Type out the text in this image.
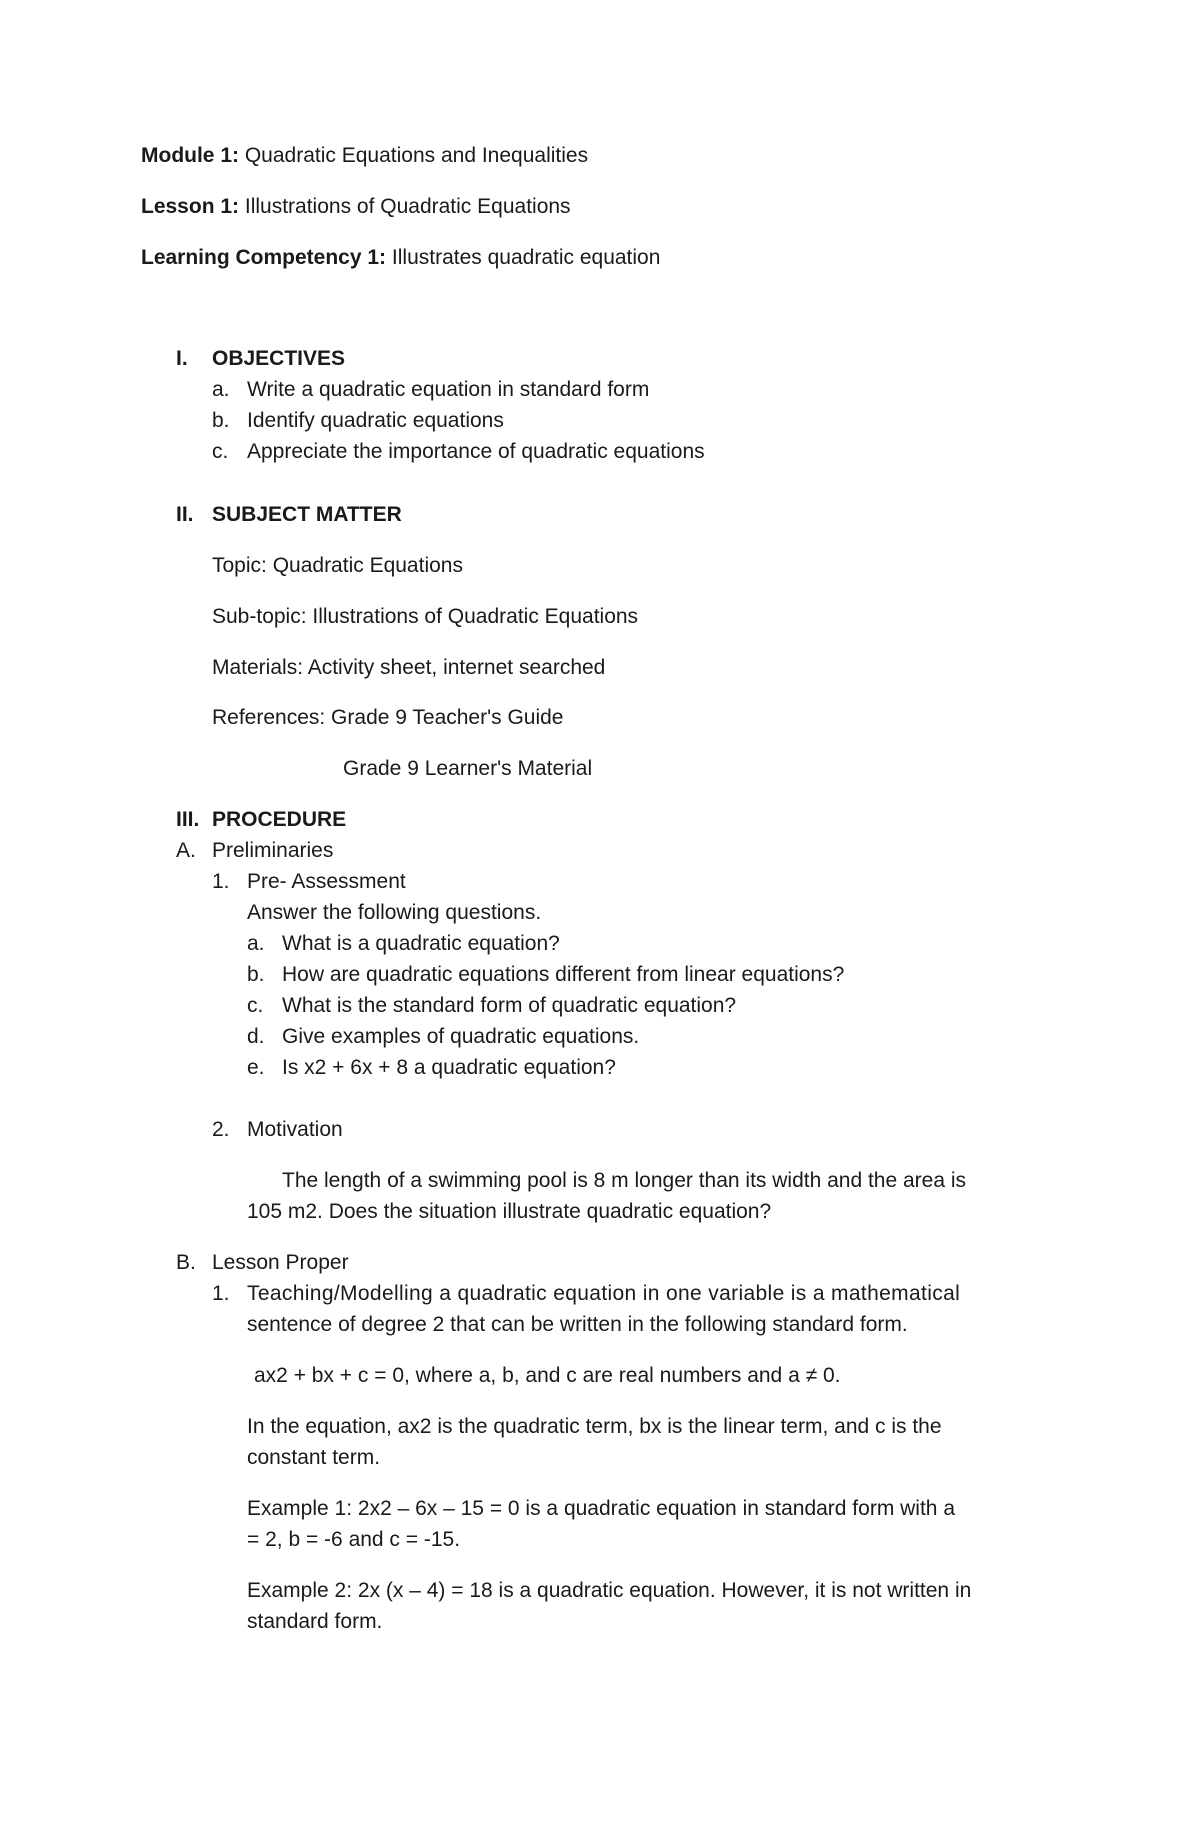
Module 1: Quadratic Equations and Inequalities

Lesson 1: Illustrations of Quadratic Equations

Learning Competency 1: Illustrates quadratic equation

I. OBJECTIVES
a. Write a quadratic equation in standard form
b. Identify quadratic equations
c. Appreciate the importance of quadratic equations
II. SUBJECT MATTER
Topic: Quadratic Equations
Sub-topic: Illustrations of Quadratic Equations
Materials: Activity sheet, internet searched
References: Grade 9 Teacher's Guide
Grade 9 Learner's Material
III. PROCEDURE
A. Preliminaries
1. Pre- Assessment
Answer the following questions.
a. What is a quadratic equation?
b. How are quadratic equations different from linear equations?
c. What is the standard form of quadratic equation?
d. Give examples of quadratic equations.
e. Is x2 + 6x + 8 a quadratic equation?
2. Motivation
The length of a swimming pool is 8 m longer than its width and the area is
105 m2. Does the situation illustrate quadratic equation?
B. Lesson Proper
1. Teaching/Modelling a quadratic equation in one variable is a mathematical
sentence of degree 2 that can be written in the following standard form.
ax2 + bx + c = 0, where a, b, and c are real numbers and a ≠ 0.
In the equation, ax2 is the quadratic term, bx is the linear term, and c is the
constant term.
Example 1: 2x2 – 6x – 15 = 0 is a quadratic equation in standard form with a
= 2, b = -6 and c = -15.
Example 2: 2x (x – 4) = 18 is a quadratic equation. However, it is not written in
standard form.
